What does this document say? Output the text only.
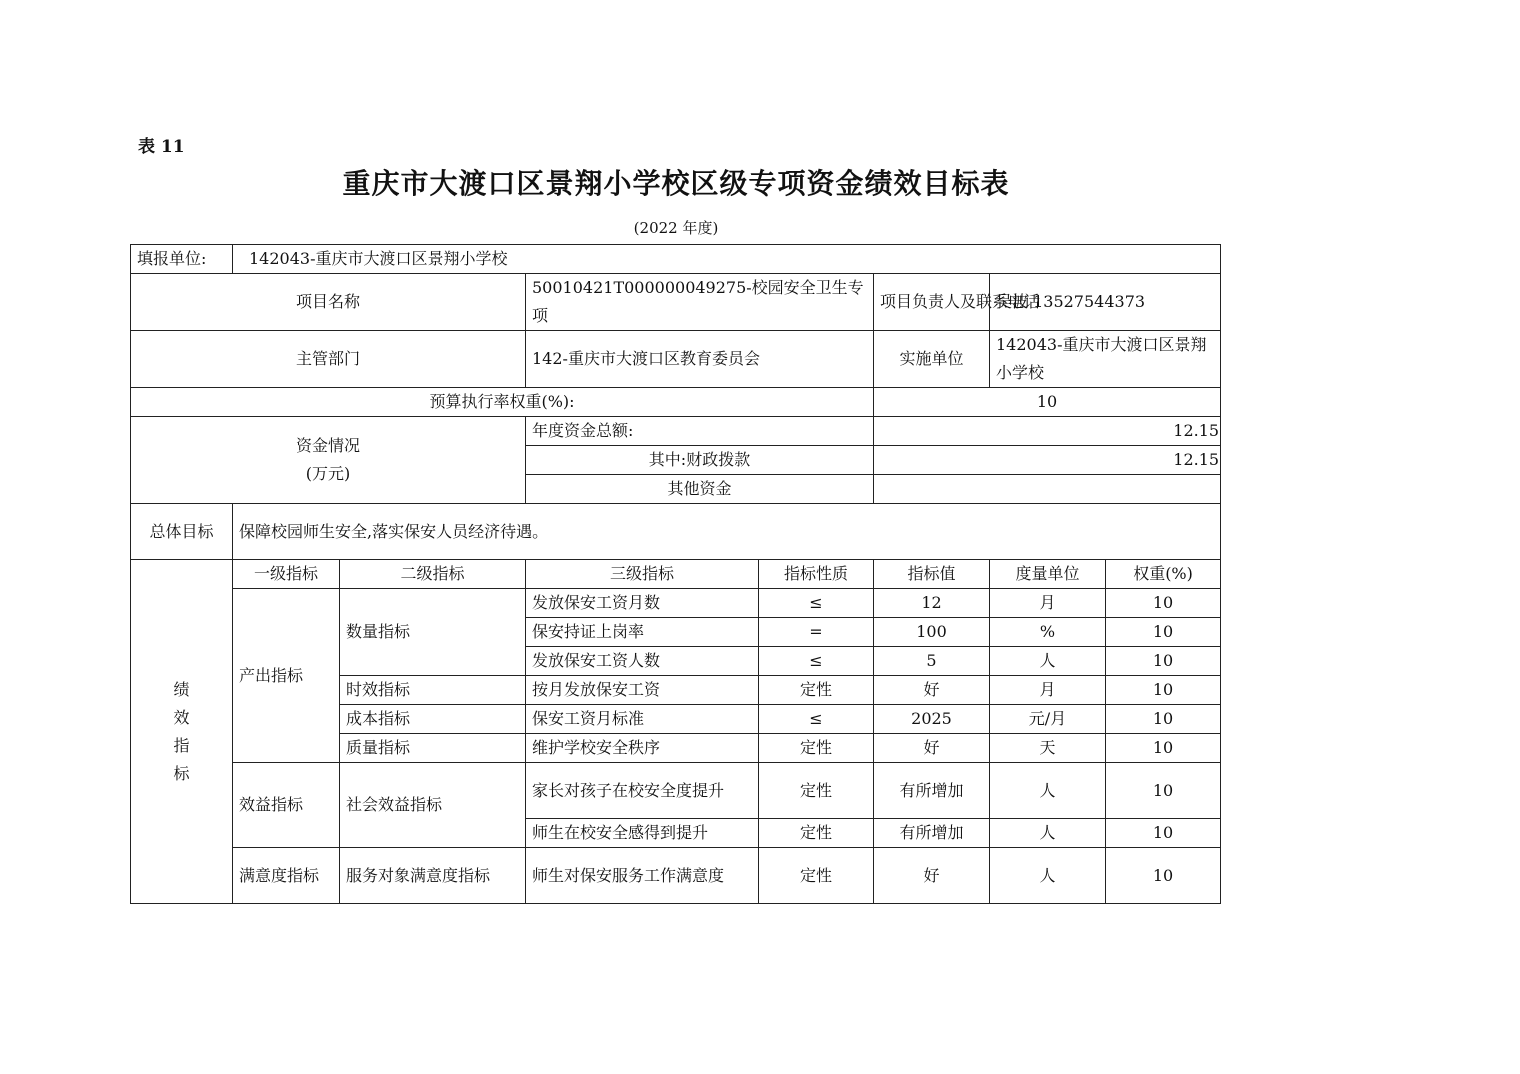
表 11
重庆市大渡口区景翔小学校区级专项资金绩效目标表
(2022 年度)
填报单位:	142043-重庆市大渡口区景翔小学校						
项目名称			50010421T000000049275-校园安全卫生专项		项目负责人及联系电话	吴波 13527544373	
主管部门			142-重庆市大渡口区教育委员会		实施单位	142043-重庆市大渡口区景翔小学校	
预算执行率权重(%):					10		

资金情况
(万元)			年度资金总额:		12.15		
			其中:财政拨款		12.15		
			其他资金				
总体目标	保障校园师生安全,落实保安人员经济待遇。						

绩
效
指
标	一级指标	二级指标	三级指标	指标性质	指标值	度量单位	权重(%)
	产出指标	数量指标	发放保安工资月数	≤	12	月	10
			保安持证上岗率	=	100	%	10
			发放保安工资人数	≤	5	人	10
		时效指标	按月发放保安工资	定性	好	月	10
		成本指标	保安工资月标准	≤	2025	元/月	10
		质量指标	维护学校安全秩序	定性	好	天	10
	效益指标	社会效益指标	家长对孩子在校安全度提升	定性	有所增加	人	10
			师生在校安全感得到提升	定性	有所增加	人	10
	满意度指标	服务对象满意度指标	师生对保安服务工作满意度	定性	好	人	10
